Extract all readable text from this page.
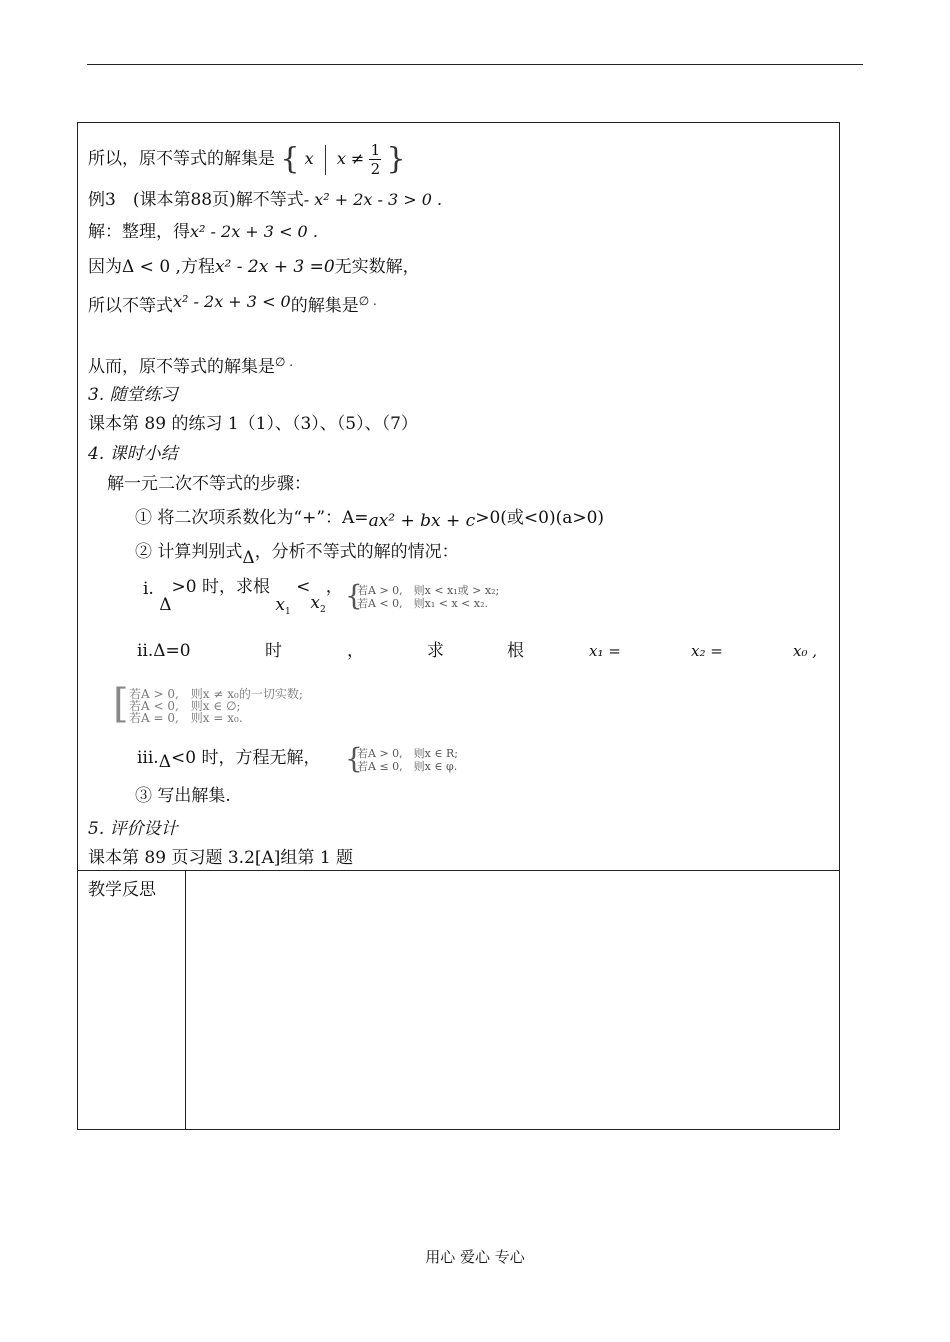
所以，原不等式的解集是 { x $x \ne \frac{1}{2}$ }
例3　(课本第88页)解不等式- x² + 2x - 3 > 0 .
解：整理，得x² - 2x + 3 < 0 .
因为Δ < 0 ,方程x² - 2x + 3 =0无实数解，
所以不等式x² - 2x + 3 < 0的解集是∅ .
从而，原不等式的解集是∅ .
3. 随堂练习
课本第 89 的练习 1（1）、（3）、（5）、（7）
4. 课时小结
解一元二次不等式的步骤：
① 将二次项系数化为“+”：A=ax² + bx + c>0(或<0)(a>0)
② 计算判别式Δ，分析不等式的解的情况：
ⅰ. Δ>0 时，求根 $x_1 <x_2$， {
若A > 0,　则x < x₁或 > x₂;
若A < 0,　则x₁ < x < x₂.
ⅱ.Δ=0	时	，	求	根	x₁ =	x₂ =	x₀ ,
[ 若A > 0,　则x ≠ x₀的一切实数;
若A < 0,　则x ∈ ∅;
若A = 0,　则x = x₀.
ⅲ.Δ<0 时，方程无解， {
若A > 0,　则x ∈ R;
若A ≤ 0,　则x ∈ φ.
③ 写出解集.
5. 评价设计
课本第 89 页习题 3.2[A]组第 1 题
教学反思
用心 爱心 专心
